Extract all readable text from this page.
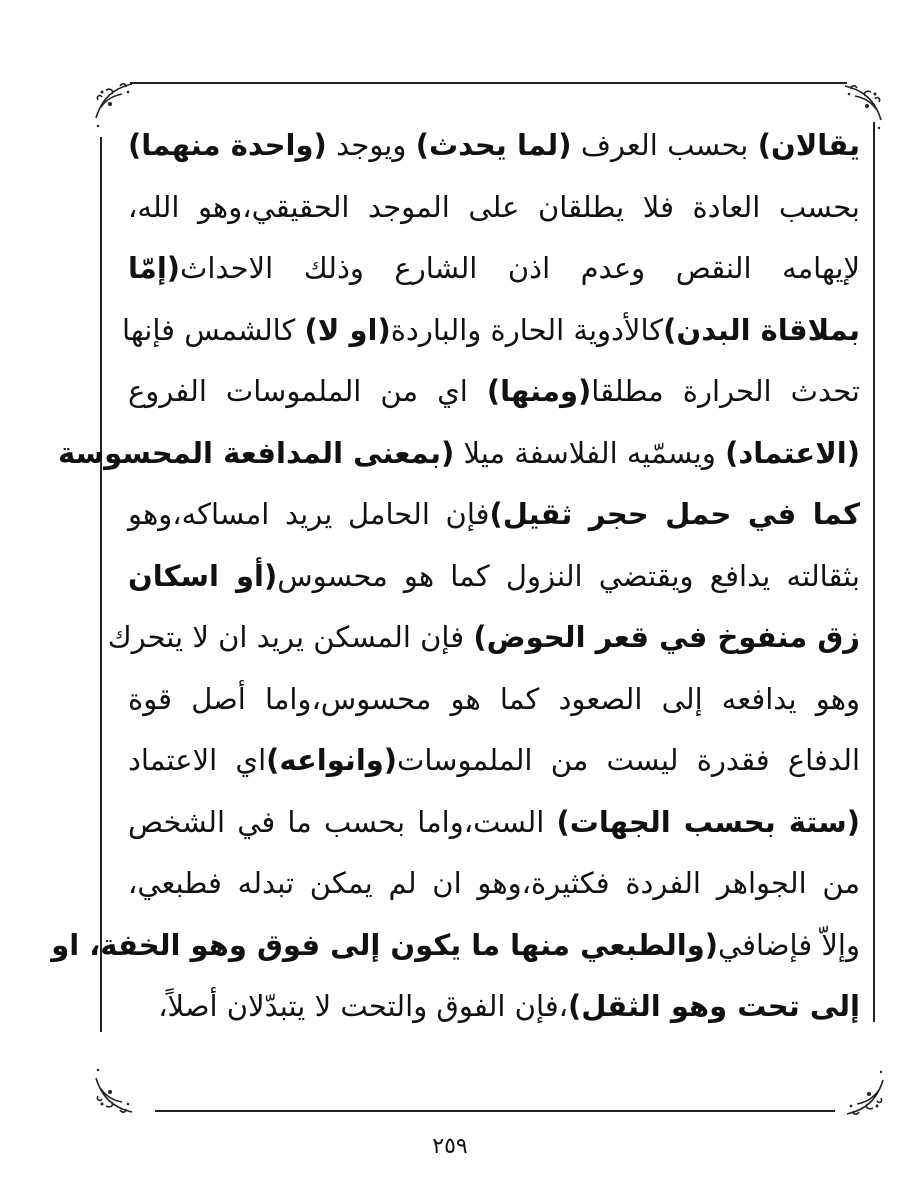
يقالان) بحسب العرف (لما يحدث) ويوجد (واحدة منهما)
بحسب العادة فلا يطلقان على الموجد الحقيقي،وهو الله،
لإيهامه النقص وعدم اذن الشارع وذلك الاحداث(إمّا
بملاقاة البدن)كالأدوية الحارة والباردة(او لا) كالشمس فإنها
تحدث الحرارة مطلقا(ومنها) اي من الملموسات الفروع
(الاعتماد) ويسمّيه الفلاسفة ميلا (بمعنى المدافعة المحسوسة
كما في حمل حجر ثقيل)فإن الحامل يريد امساكه،وهو
بثقالته يدافع ويقتضي النزول كما هو محسوس(أو اسكان
زق منفوخ في قعر الحوض) فإن المسكن يريد ان لا يتحرك
وهو يدافعه إلى الصعود كما هو محسوس،واما أصل قوة
الدفاع فقدرة ليست من الملموسات(وانواعه)اي الاعتماد
(ستة بحسب الجهات) الست،واما بحسب ما في الشخص
من الجواهر الفردة فكثيرة،وهو ان لم يمكن تبدله فطبعي،
وإلاّ فإضافي(والطبعي منها ما يكون إلى فوق وهو الخفة، او
إلى تحت وهو الثقل)،فإن الفوق والتحت لا يتبدّلان أصلاً،
٢٥٩
